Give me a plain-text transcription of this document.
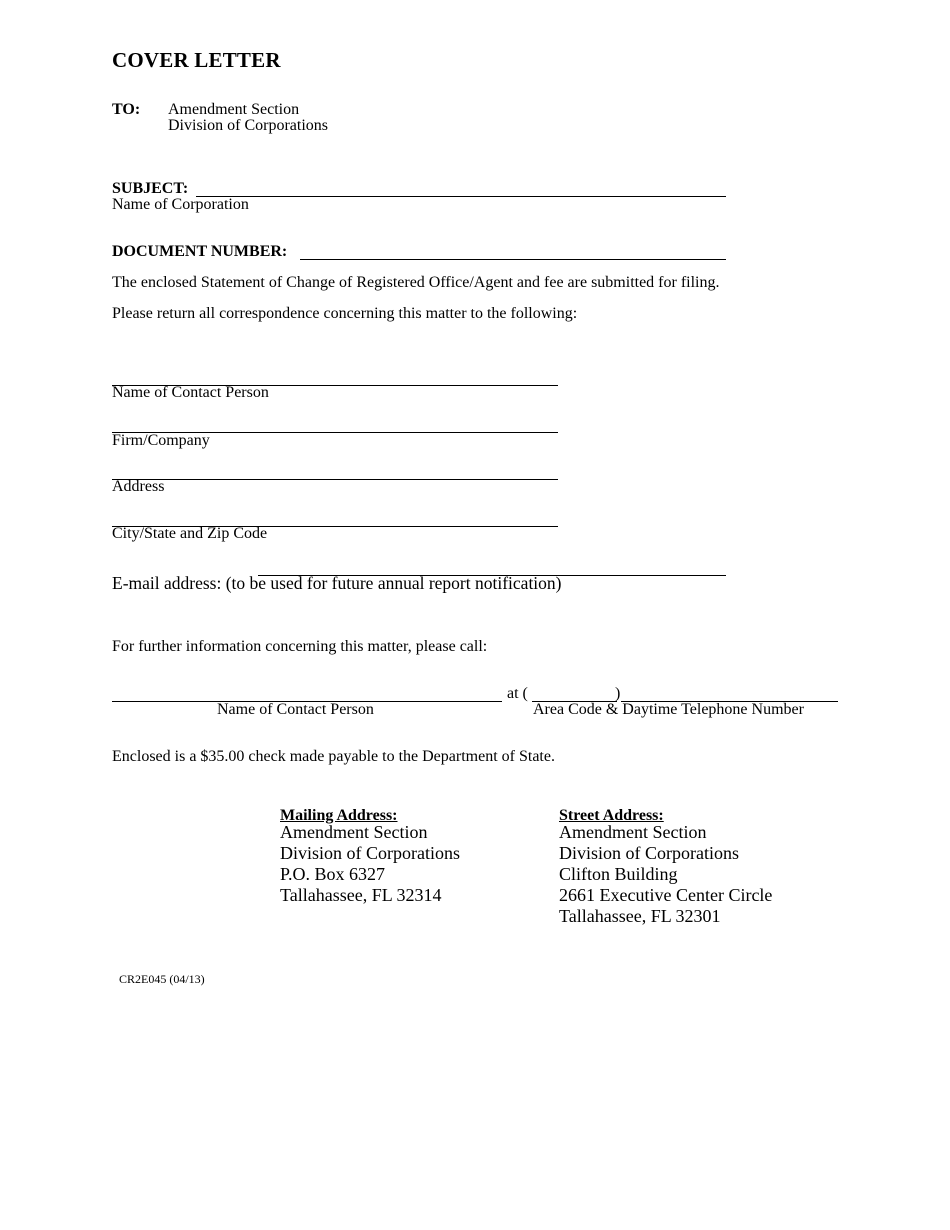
COVER LETTER
TO: Amendment Section
Division of Corporations
SUBJECT:
Name of Corporation
DOCUMENT NUMBER:
The enclosed Statement of Change of Registered Office/Agent and fee are submitted for filing.
Please return all correspondence concerning this matter to the following:
Name of Contact Person
Firm/Company
Address
City/State and Zip Code
E-mail address: (to be used for future annual report notification)
For further information concerning this matter, please call:
at (	)
Name of Contact Person	Area Code & Daytime Telephone Number
Enclosed is a $35.00 check made payable to the Department of State.
Mailing Address:
Amendment Section
Division of Corporations
P.O. Box 6327
Tallahassee, FL 32314
Street Address:
Amendment Section
Division of Corporations
Clifton Building
2661 Executive Center Circle
Tallahassee, FL 32301
CR2E045 (04/13)
